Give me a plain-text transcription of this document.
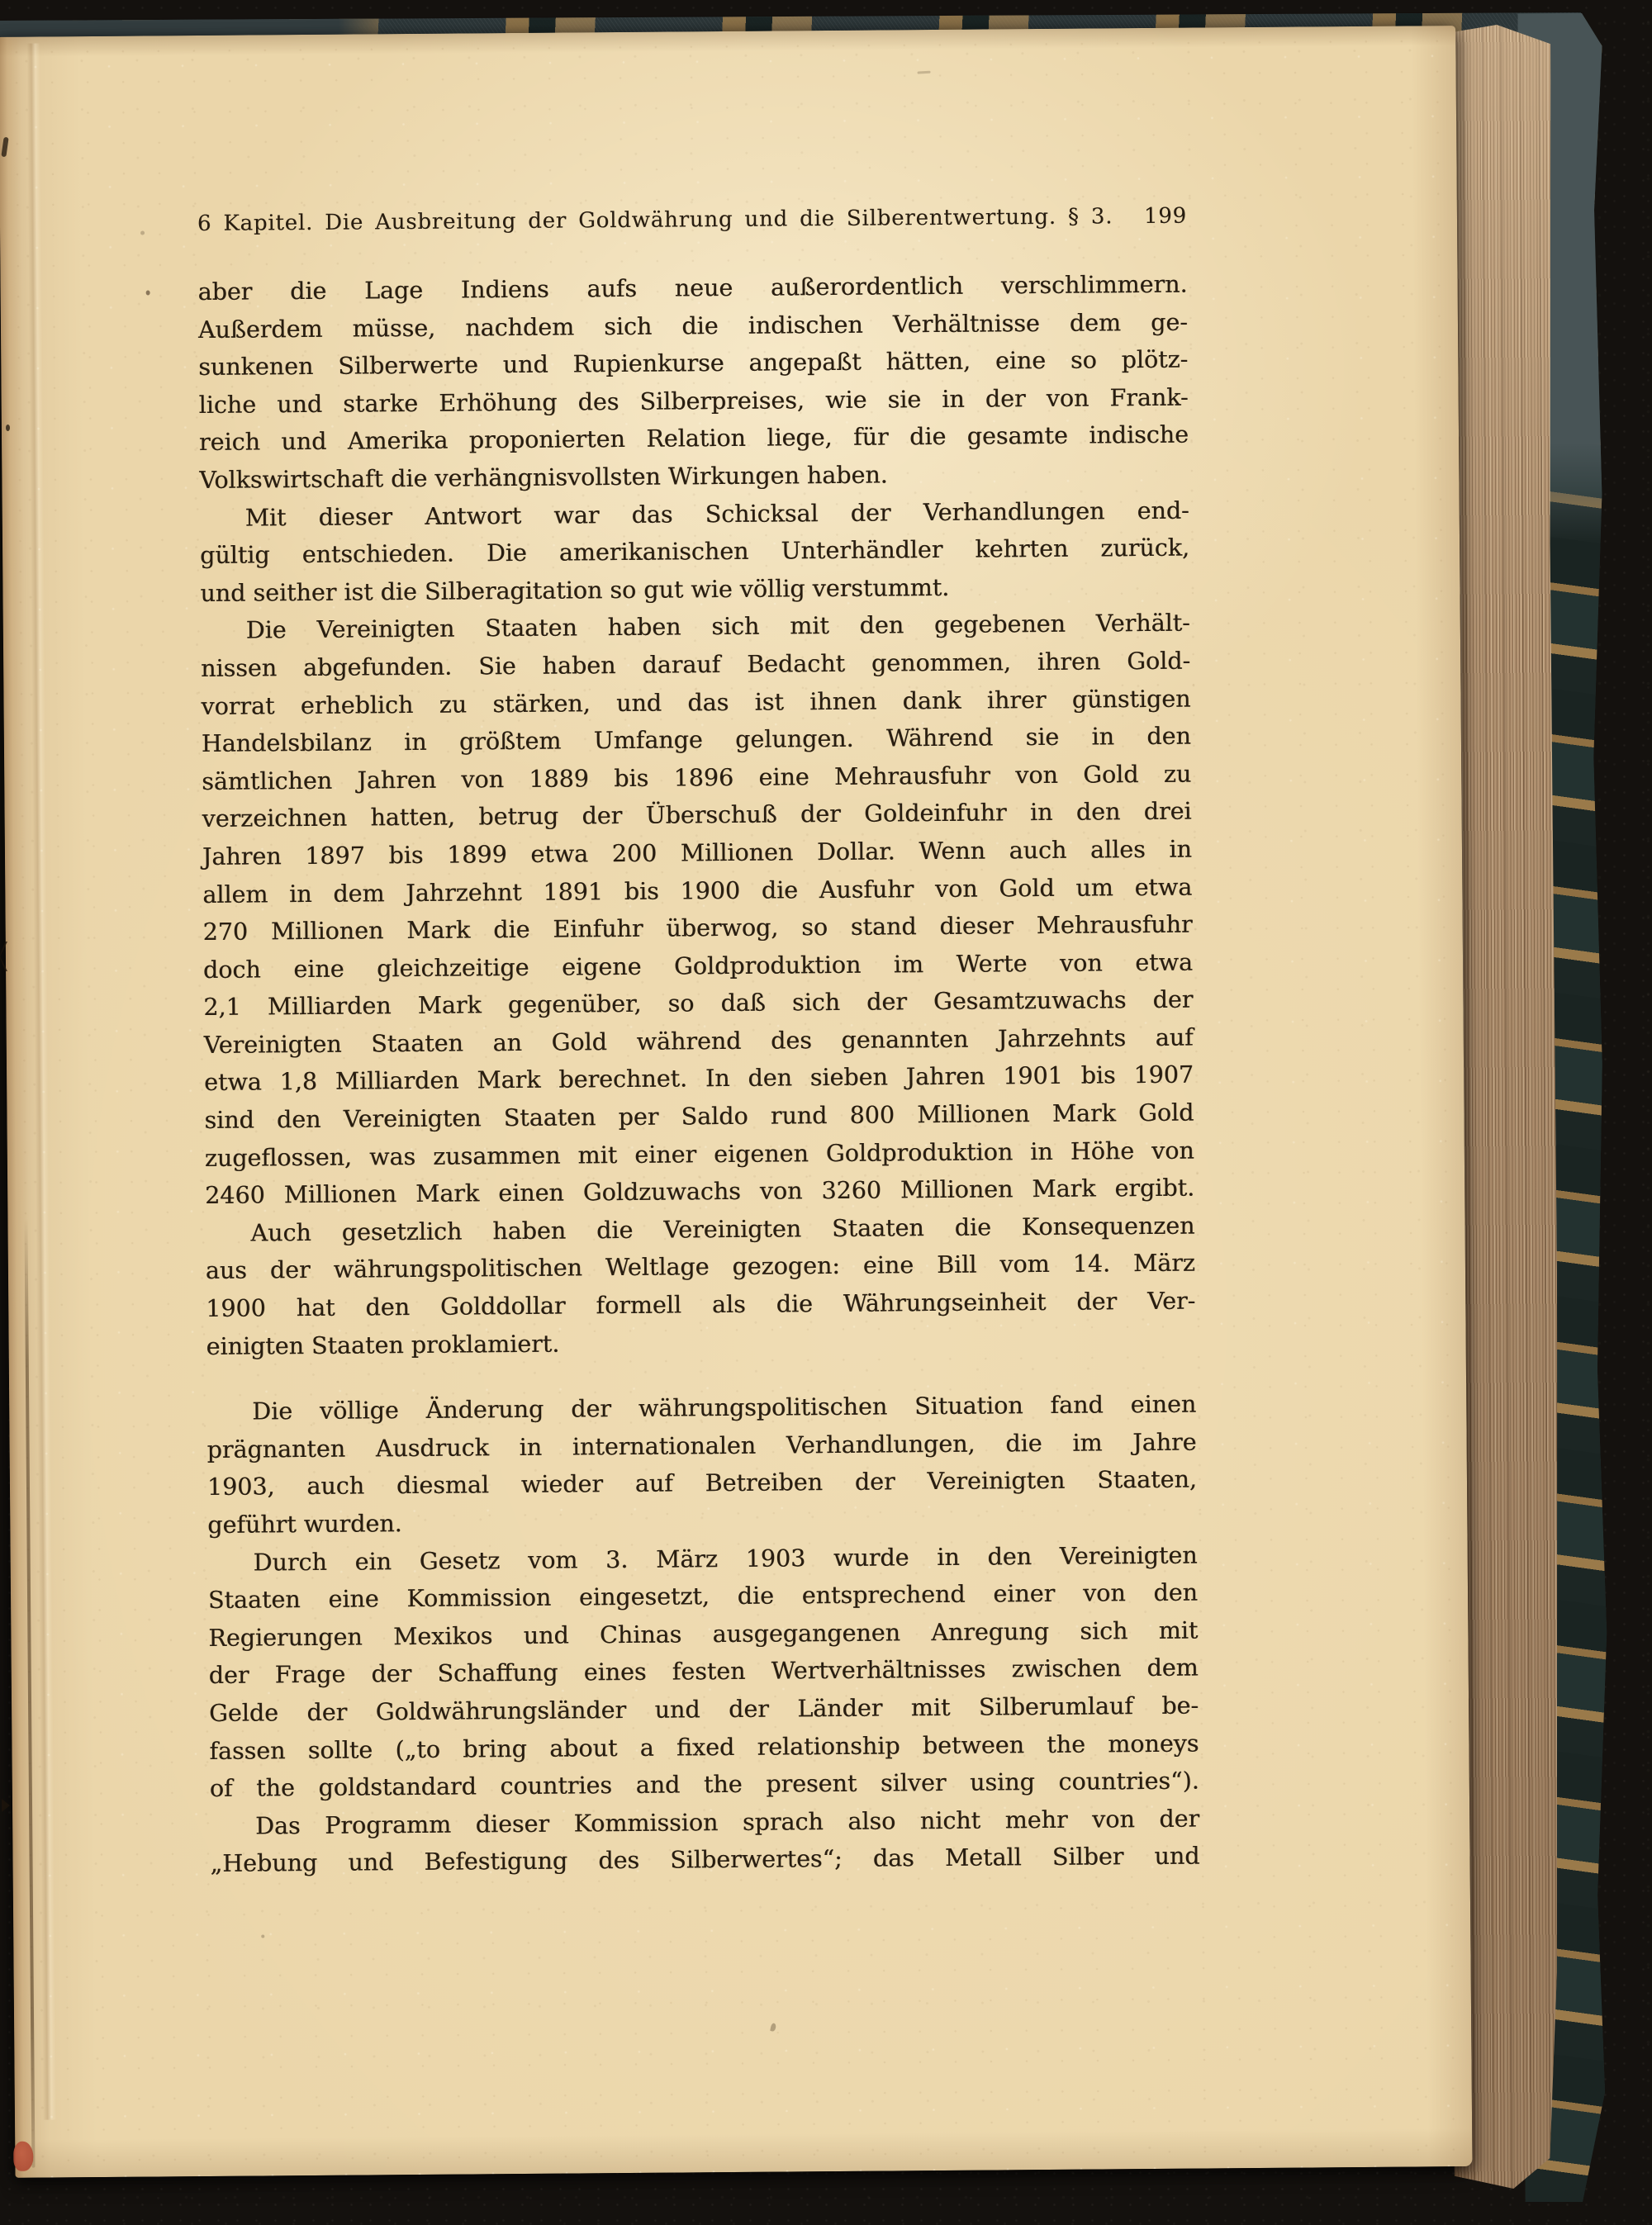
6 Kapitel. Die Ausbreitung der Goldwährung und die Silberentwertung. § 3. 199
aber die Lage Indiens aufs neue außerordentlich verschlimmern.
Außerdem müsse, nachdem sich die indischen Verhältnisse dem ge-
sunkenen Silberwerte und Rupienkurse angepaßt hätten, eine so plötz-
liche und starke Erhöhung des Silberpreises, wie sie in der von Frank-
reich und Amerika proponierten Relation liege, für die gesamte indische
Volkswirtschaft die verhängnisvollsten Wirkungen haben.
Mit dieser Antwort war das Schicksal der Verhandlungen end-
gültig entschieden. Die amerikanischen Unterhändler kehrten zurück,
und seither ist die Silberagitation so gut wie völlig verstummt.
Die Vereinigten Staaten haben sich mit den gegebenen Verhält-
nissen abgefunden. Sie haben darauf Bedacht genommen, ihren Gold-
vorrat erheblich zu stärken, und das ist ihnen dank ihrer günstigen
Handelsbilanz in größtem Umfange gelungen. Während sie in den
sämtlichen Jahren von 1889 bis 1896 eine Mehrausfuhr von Gold zu
verzeichnen hatten, betrug der Überschuß der Goldeinfuhr in den drei
Jahren 1897 bis 1899 etwa 200 Millionen Dollar. Wenn auch alles in
allem in dem Jahrzehnt 1891 bis 1900 die Ausfuhr von Gold um etwa
270 Millionen Mark die Einfuhr überwog, so stand dieser Mehrausfuhr
doch eine gleichzeitige eigene Goldproduktion im Werte von etwa
2,1 Milliarden Mark gegenüber, so daß sich der Gesamtzuwachs der
Vereinigten Staaten an Gold während des genannten Jahrzehnts auf
etwa 1,8 Milliarden Mark berechnet. In den sieben Jahren 1901 bis 1907
sind den Vereinigten Staaten per Saldo rund 800 Millionen Mark Gold
zugeflossen, was zusammen mit einer eigenen Goldproduktion in Höhe von
2460 Millionen Mark einen Goldzuwachs von 3260 Millionen Mark ergibt.
Auch gesetzlich haben die Vereinigten Staaten die Konsequenzen
aus der währungspolitischen Weltlage gezogen: eine Bill vom 14. März
1900 hat den Golddollar formell als die Währungseinheit der Ver-
einigten Staaten proklamiert.
Die völlige Änderung der währungspolitischen Situation fand einen
prägnanten Ausdruck in internationalen Verhandlungen, die im Jahre
1903, auch diesmal wieder auf Betreiben der Vereinigten Staaten,
geführt wurden.
Durch ein Gesetz vom 3. März 1903 wurde in den Vereinigten
Staaten eine Kommission eingesetzt, die entsprechend einer von den
Regierungen Mexikos und Chinas ausgegangenen Anregung sich mit
der Frage der Schaffung eines festen Wertverhältnisses zwischen dem
Gelde der Goldwährungsländer und der Länder mit Silberumlauf be-
fassen sollte („to bring about a fixed relationship between the moneys
of the goldstandard countries and the present silver using countries“).
Das Programm dieser Kommission sprach also nicht mehr von der
„Hebung und Befestigung des Silberwertes“; das Metall Silber und
